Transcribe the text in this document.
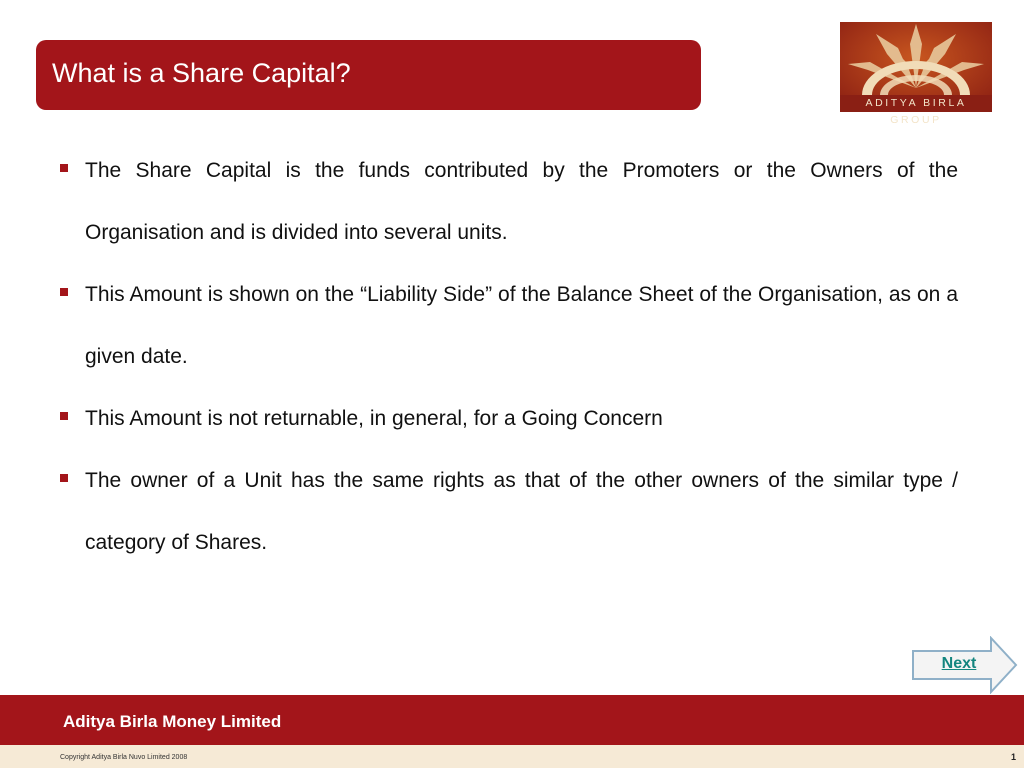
What is a Share Capital?
ADITYA BIRLA GROUP
The Share Capital is the funds contributed by the Promoters or the Owners of the Organisation and is divided into several units.
This Amount is shown on the “Liability Side” of the Balance Sheet of the Organisation, as on a given date.
This Amount is not returnable, in general, for a Going Concern
The owner of a Unit has the same rights as that of the other owners of the similar type / category of Shares.
Next
Aditya Birla Money Limited
Copyright Aditya Birla Nuvo Limited 2008	1
